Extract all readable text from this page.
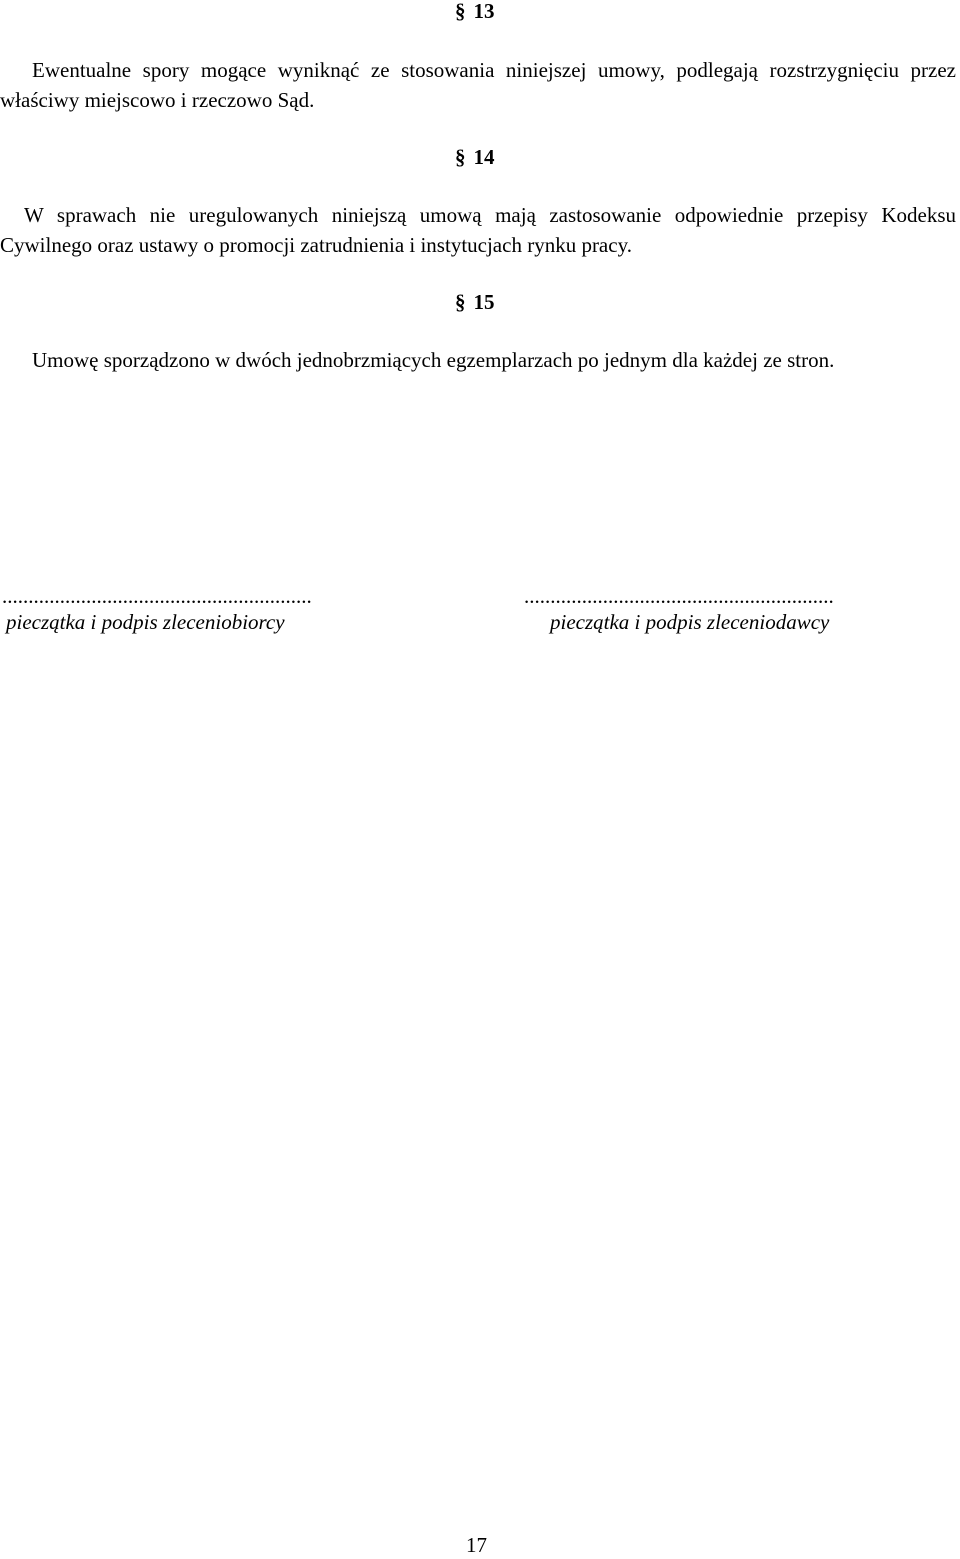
§ 13

Ewentualne spory mogące wyniknąć ze stosowania niniejszej umowy, podlegają rozstrzygnięciu przez właściwy miejscowo i rzeczowo Sąd.

§ 14

W sprawach nie uregulowanych niniejszą umową mają zastosowanie odpowiednie przepisy Kodeksu Cywilnego oraz ustawy o promocji zatrudnienia i instytucjach rynku pracy.

§ 15

Umowę sporządzono w dwóch jednobrzmiących egzemplarzach po jednym dla każdej ze stron.

...........................................................
pieczątka i podpis zleceniobiorcy
...........................................................
pieczątka i podpis zleceniodawcy
17
